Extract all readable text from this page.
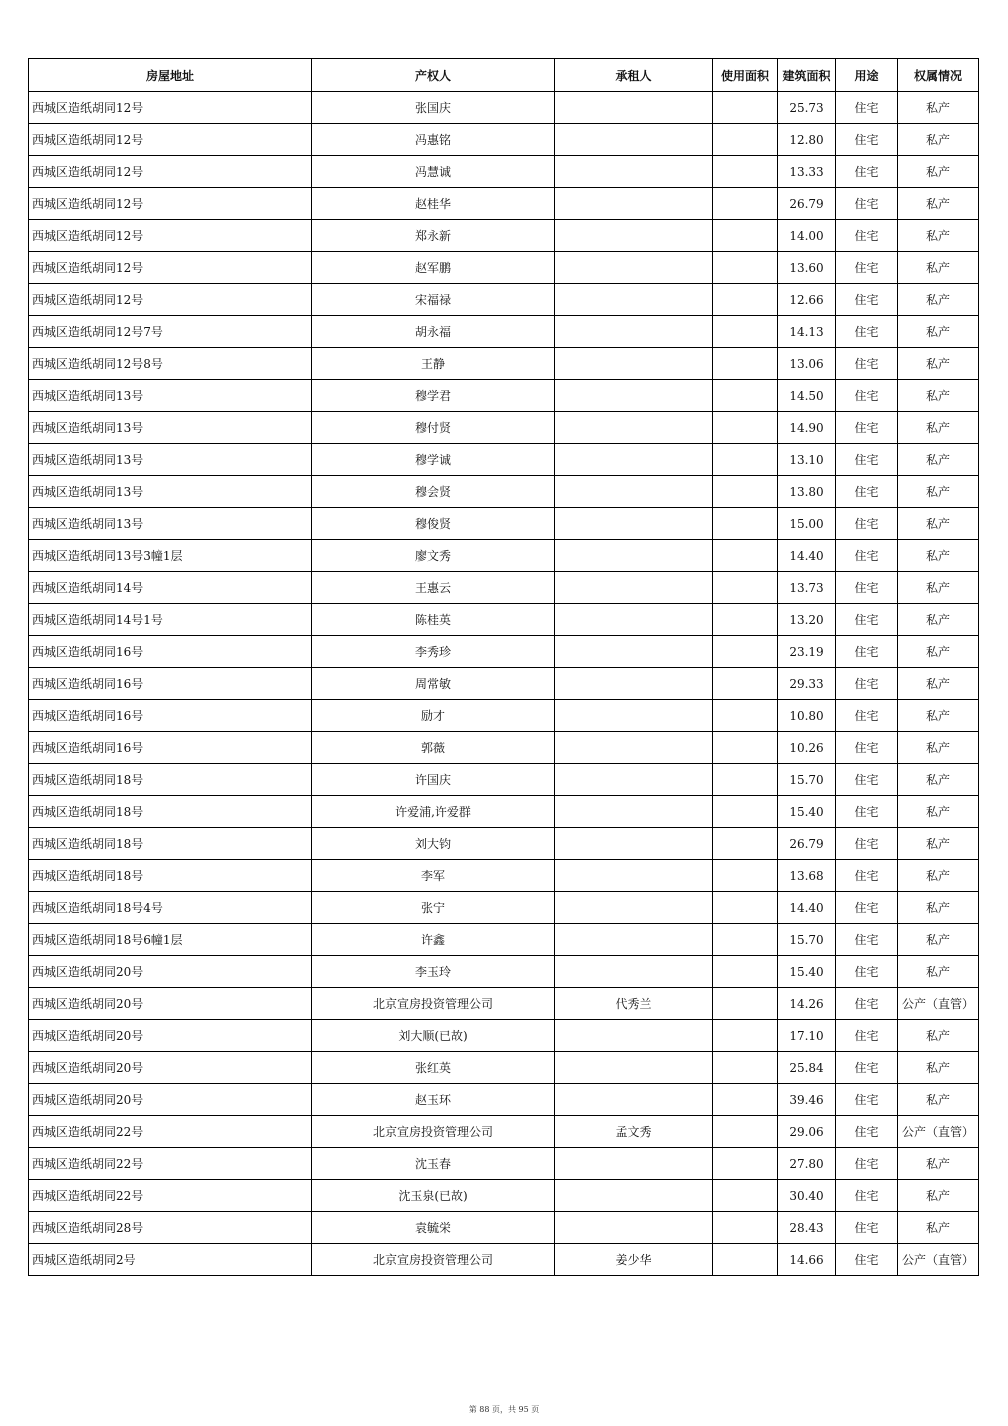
房屋地址	产权人	承租人	使用面积	建筑面积	用途	权属情况
西城区造纸胡同12号	张国庆			25.73	住宅	私产
西城区造纸胡同12号	冯惠铭			12.80	住宅	私产
西城区造纸胡同12号	冯慧诚			13.33	住宅	私产
西城区造纸胡同12号	赵桂华			26.79	住宅	私产
西城区造纸胡同12号	郑永新			14.00	住宅	私产
西城区造纸胡同12号	赵军鹏			13.60	住宅	私产
西城区造纸胡同12号	宋福禄			12.66	住宅	私产
西城区造纸胡同12号7号	胡永福			14.13	住宅	私产
西城区造纸胡同12号8号	王静			13.06	住宅	私产
西城区造纸胡同13号	穆学君			14.50	住宅	私产
西城区造纸胡同13号	穆付贤			14.90	住宅	私产
西城区造纸胡同13号	穆学诚			13.10	住宅	私产
西城区造纸胡同13号	穆会贤			13.80	住宅	私产
西城区造纸胡同13号	穆俊贤			15.00	住宅	私产
西城区造纸胡同13号3幢1层	廖文秀			14.40	住宅	私产
西城区造纸胡同14号	王惠云			13.73	住宅	私产
西城区造纸胡同14号1号	陈桂英			13.20	住宅	私产
西城区造纸胡同16号	李秀珍			23.19	住宅	私产
西城区造纸胡同16号	周常敏			29.33	住宅	私产
西城区造纸胡同16号	励才			10.80	住宅	私产
西城区造纸胡同16号	郭薇			10.26	住宅	私产
西城区造纸胡同18号	许国庆			15.70	住宅	私产
西城区造纸胡同18号	许爱浦,许爱群			15.40	住宅	私产
西城区造纸胡同18号	刘大钧			26.79	住宅	私产
西城区造纸胡同18号	李军			13.68	住宅	私产
西城区造纸胡同18号4号	张宁			14.40	住宅	私产
西城区造纸胡同18号6幢1层	许鑫			15.70	住宅	私产
西城区造纸胡同20号	李玉玲			15.40	住宅	私产
西城区造纸胡同20号	北京宣房投资管理公司	代秀兰		14.26	住宅	公产（直管）
西城区造纸胡同20号	刘大顺(已故)			17.10	住宅	私产
西城区造纸胡同20号	张红英			25.84	住宅	私产
西城区造纸胡同20号	赵玉环			39.46	住宅	私产
西城区造纸胡同22号	北京宣房投资管理公司	孟文秀		29.06	住宅	公产（直管）
西城区造纸胡同22号	沈玉春			27.80	住宅	私产
西城区造纸胡同22号	沈玉泉(已故)			30.40	住宅	私产
西城区造纸胡同28号	袁毓栄			28.43	住宅	私产
西城区造纸胡同2号	北京宣房投资管理公司	姜少华		14.66	住宅	公产（直管）
第 88 页，共 95 页
